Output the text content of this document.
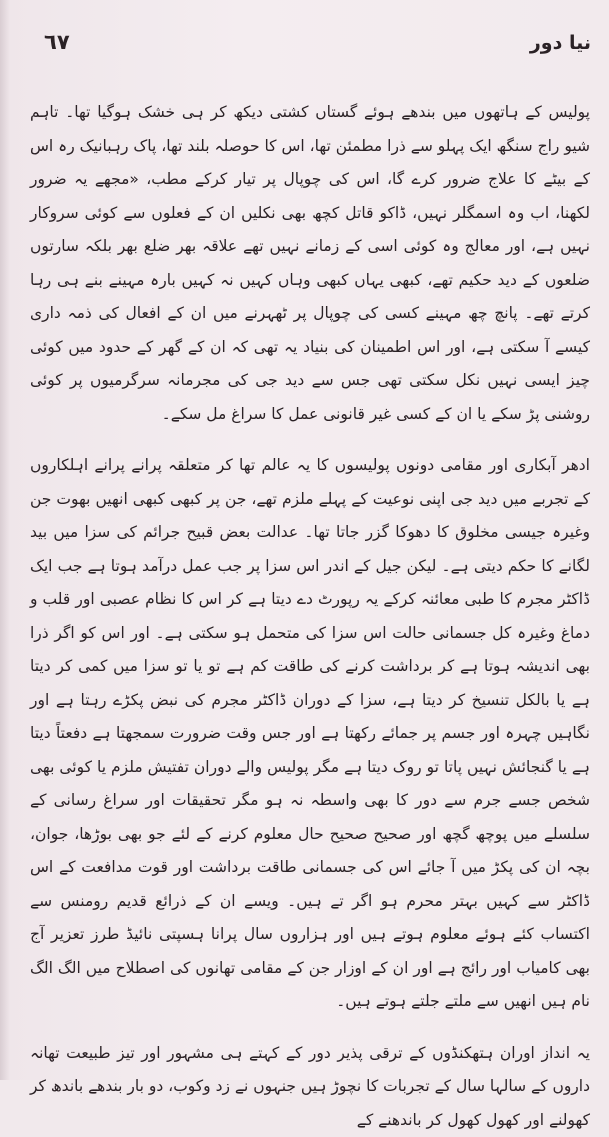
٦٧	نیا دور

پولیس کے ہاتھوں میں بندھے ہوئے گستاں کشتی دیکھ کر ہی خشک ہوگیا تھا۔ تاہم شیو راج سنگھ ایک پہلو سے ذرا مطمئن تھا، اس کا حوصلہ بلند تھا، پاک رہبانیک رہ اس کے بیٹے کا علاج ضرور کرے گا، اس کی چوپال پر تیار کرکے مطب، «مجھے یہ ضرور لکھنا، اب وہ اسمگلر نہیں، ڈاکو قاتل کچھ بھی نکلیں ان کے فعلوں سے کوئی سروکار نہیں ہے، اور معالج وہ کوئی اسی کے زمانے نہیں تھے علاقہ بھر ضلع بھر بلکہ سارتوں ضلعوں کے دید حکیم تھے، کبھی یہاں کبھی وہاں کہیں نہ کہیں بارہ مہینے بنے ہی رہا کرتے تھے۔ پانچ چھ مہینے کسی کی چوپال پر ٹھہرنے میں ان کے افعال کی ذمہ داری کیسے آ سکتی ہے، اور اس اطمینان کی بنیاد یہ تھی کہ ان کے گھر کے حدود میں کوئی چیز ایسی نہیں نکل سکتی تھی جس سے دید جی کی مجرمانہ سرگرمیوں پر کوئی روشنی پڑ سکے یا ان کے کسی غیر قانونی عمل کا سراغ مل سکے۔

ادھر آبکاری اور مقامی دونوں پولیسوں کا یہ عالم تھا کر متعلقہ پرانے پرانے اہلکاروں کے تجربے میں دید جی اپنی نوعیت کے پہلے ملزم تھے، جن پر کبھی کبھی انھیں بھوت جن وغیرہ جیسی مخلوق کا دھوکا گزر جاتا تھا۔ عدالت بعض قبیح جرائم کی سزا میں بید لگانے کا حکم دیتی ہے۔ لیکن جیل کے اندر اس سزا پر جب عمل درآمد ہوتا ہے جب ایک ڈاکٹر مجرم کا طبی معائنہ کرکے یہ رپورٹ دے دیتا ہے کر اس کا نظام عصبی اور قلب و دماغ وغیرہ کل جسمانی حالت اس سزا کی متحمل ہو سکتی ہے۔ اور اس کو اگر ذرا بھی اندیشہ ہوتا ہے کر برداشت کرنے کی طاقت کم ہے تو یا تو سزا میں کمی کر دیتا ہے یا بالکل تنسیخ کر دیتا ہے، سزا کے دوران ڈاکٹر مجرم کی نبض پکڑے رہتا ہے اور نگاہیں چہرہ اور جسم پر جمائے رکھتا ہے اور جس وقت ضرورت سمجھتا ہے دفعتاً دیتا ہے یا گنجائش نہیں پاتا تو روک دیتا ہے مگر پولیس والے دوران تفتیش ملزم یا کوئی بھی شخص جسے جرم سے دور کا بھی واسطہ نہ ہو مگر تحقیقات اور سراغ رسانی کے سلسلے میں پوچھ گچھ اور صحیح صحیح حال معلوم کرنے کے لئے جو بھی بوڑھا، جوان، بچہ ان کی پکڑ میں آ جائے اس کی جسمانی طاقت برداشت اور قوت مدافعت کے اس ڈاکٹر سے کہیں بہتر محرم ہو اگر تے ہیں۔ ویسے ان کے ذرائع قدیم رومنس سے اکتساب کئے ہوئے معلوم ہوتے ہیں اور ہزاروں سال پرانا ہسپتی نائیڈ طرز تعزیر آج بھی کامیاب اور رائج ہے اور ان کے اوزار جن کے مقامی تھانوں کی اصطلاح میں الگ الگ نام ہیں انھیں سے ملتے جلتے ہوتے ہیں۔

یہ انداز اوران ہتھکنڈوں کے ترقی پذیر دور کے کہتے ہی مشہور اور تیز طبیعت تھانہ داروں کے سالہا سال کے تجربات کا نچوڑ ہیں جنہوں نے زد وکوب، دو بار بندھے باندھ کر کھولنے اور کھول کھول کر باندھنے کے
